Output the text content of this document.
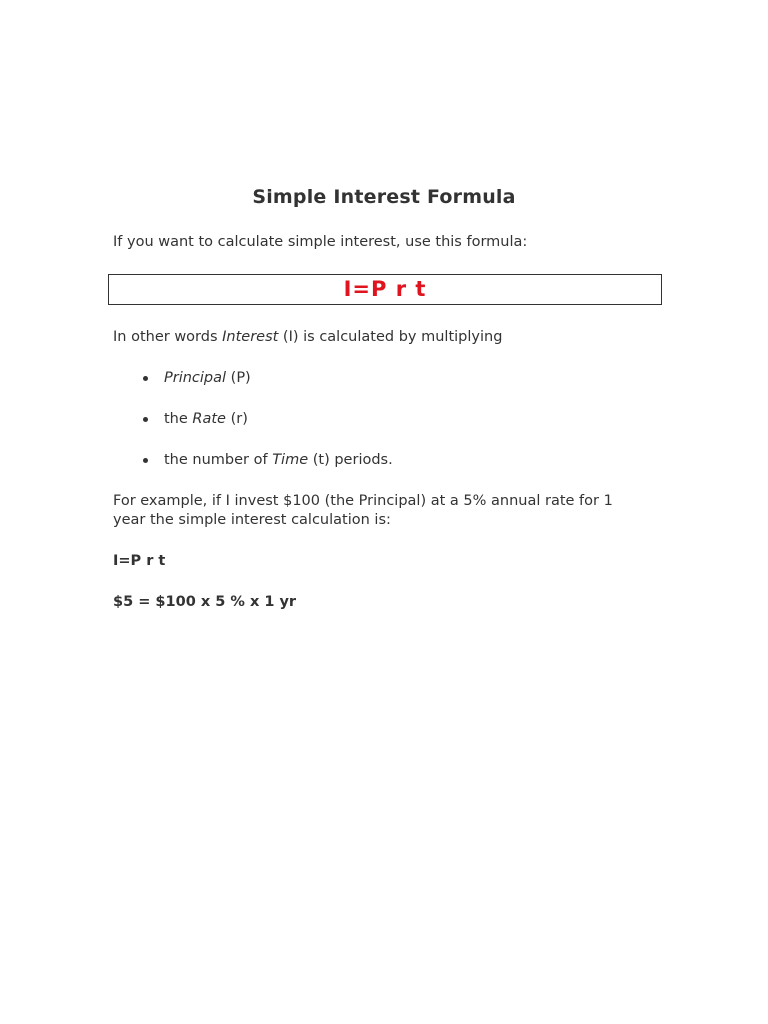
Simple Interest Formula

If you want to calculate simple interest, use this formula:

I=P r t

In other words Interest (I) is calculated by multiplying

Principal (P)
the Rate (r)
the number of Time (t) periods.

For example, if I invest $100 (the Principal) at a 5% annual rate for 1

year the simple interest calculation is:

I=P r t

$5 = $100 x 5 % x 1 yr
